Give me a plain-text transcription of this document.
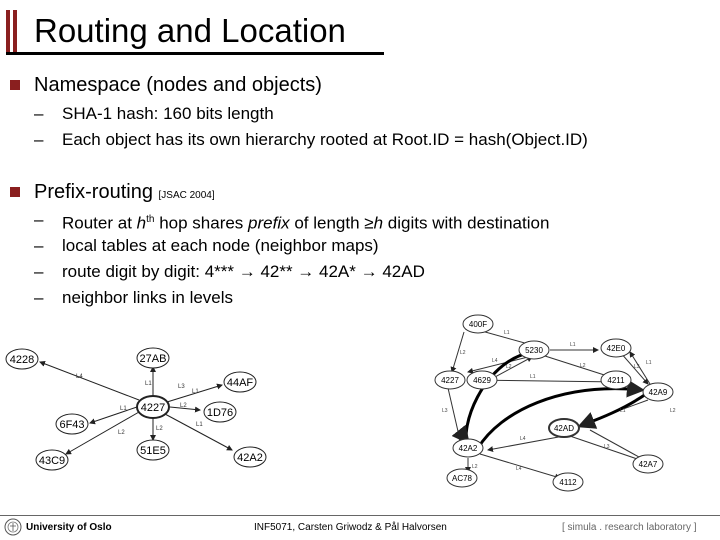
Routing and Location
Namespace (nodes and objects)
– SHA-1 hash: 160 bits length
– Each object has its own hierarchy rooted at Root.ID = hash(Object.ID)
Prefix-routing [JSAC 2004]
– Router at $h^{th}$ hop shares prefix of length ≥h digits with destination
– local tables at each node (neighbor maps)
– route digit by digit: 4*** → 42** → 42A* → 42AD
– neighbor links in levels
4227
27AB
44AF
1D76
42A2
51E5
43C9
6F43
4228
L1
L1
L2
L1
L2
L1
L2
L4
L3
400F
5230	42E0
4211
42A9
4227 4629
42AD
42A2
42A7
AC78	4112
L1
L2
L1
L2	L3
L4
L1
L3
L2
L1
L4
L3
L2	L4
L2
L1
University of Oslo	INF5071, Carsten Griwodz & Pål Halvorsen	[ simula . research laboratory ]
